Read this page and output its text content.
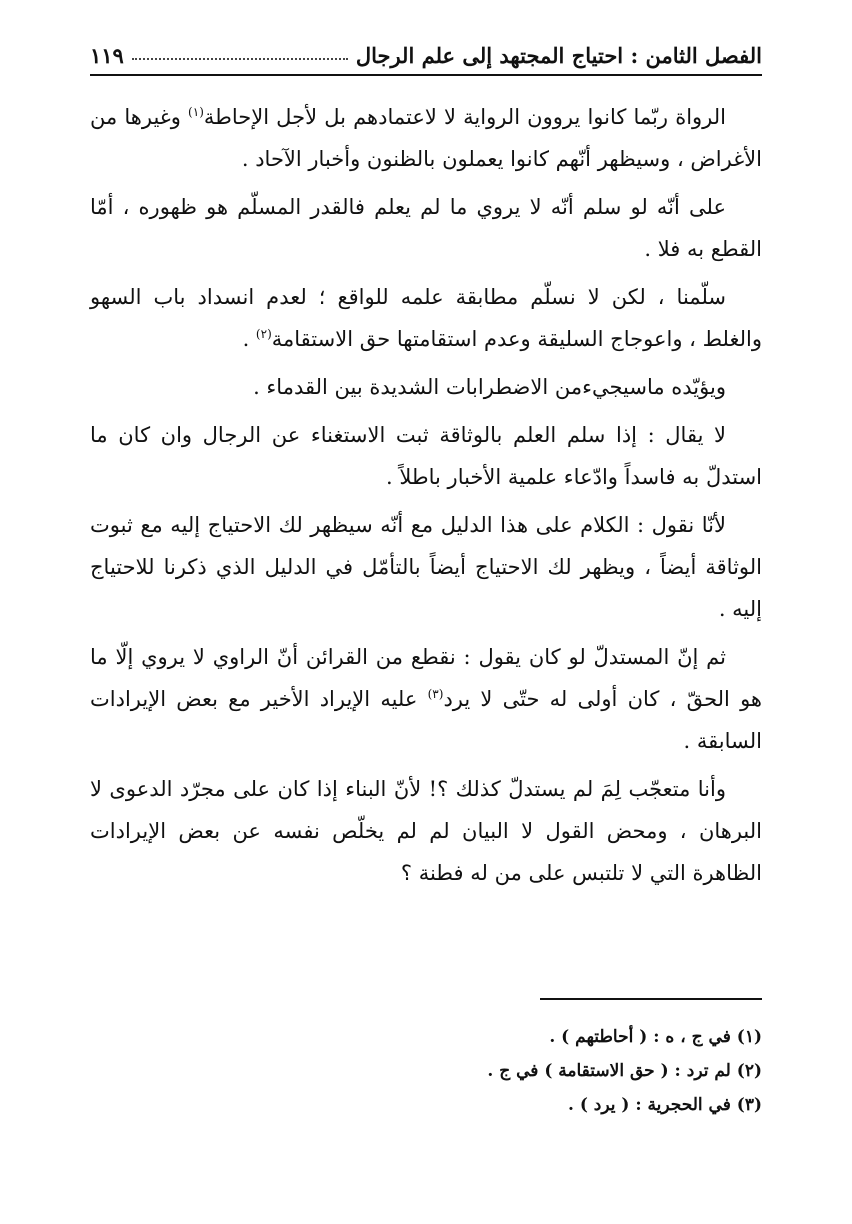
الفصل الثامن : احتياج المجتهد إلى علم الرجال
١١٩

الرواة ربّما كانوا يروون الرواية لا لاعتمادهم بل لأجل الإحاطة$^{(١)}$ وغيرها من الأغراض ، وسيظهر أنّهم كانوا يعملون بالظنون وأخبار الآحاد .

على أنّه لو سلم أنّه لا يروي ما لم يعلم فالقدر المسلّم هو ظهوره ، أمّا القطع به فلا .

سلّمنا ، لكن لا نسلّم مطابقة علمه للواقع ؛ لعدم انسداد باب السهو والغلط ، واعوجاج السليقة وعدم استقامتها حق الاستقامة$^{(٢)}$ .

ويؤيّده ماسيجيءمن الاضطرابات الشديدة بين القدماء .

لا يقال : إذا سلم العلم بالوثاقة ثبت الاستغناء عن الرجال وان كان ما استدلّ به فاسداً وادّعاء علمية الأخبار باطلاً .

لأنّا نقول : الكلام على هذا الدليل مع أنّه سيظهر لك الاحتياج إليه مع ثبوت الوثاقة أيضاً ، ويظهر لك الاحتياج أيضاً بالتأمّل في الدليل الذي ذكرنا للاحتياج إليه .

ثم إنّ المستدلّ لو كان يقول : نقطع من القرائن أنّ الراوي لا يروي إلّا ما هو الحقّ ، كان أولى له حتّى لا يرد$^{(٣)}$ عليه الإيراد الأخير مع بعض الإيرادات السابقة .

وأنا متعجّب لِمَ لم يستدلّ كذلك ؟! لأنّ البناء إذا كان على مجرّد الدعوى لا البرهان ، ومحض القول لا البيان لم لم يخلّص نفسه عن بعض الإيرادات الظاهرة التي لا تلتبس على من له فطنة ؟

(١) في ج ، ه : ( أحاطتهم ) .

(٢) لم ترد : ( حق الاستقامة ) في ج .

(٣) في الحجرية : ( يرد ) .
